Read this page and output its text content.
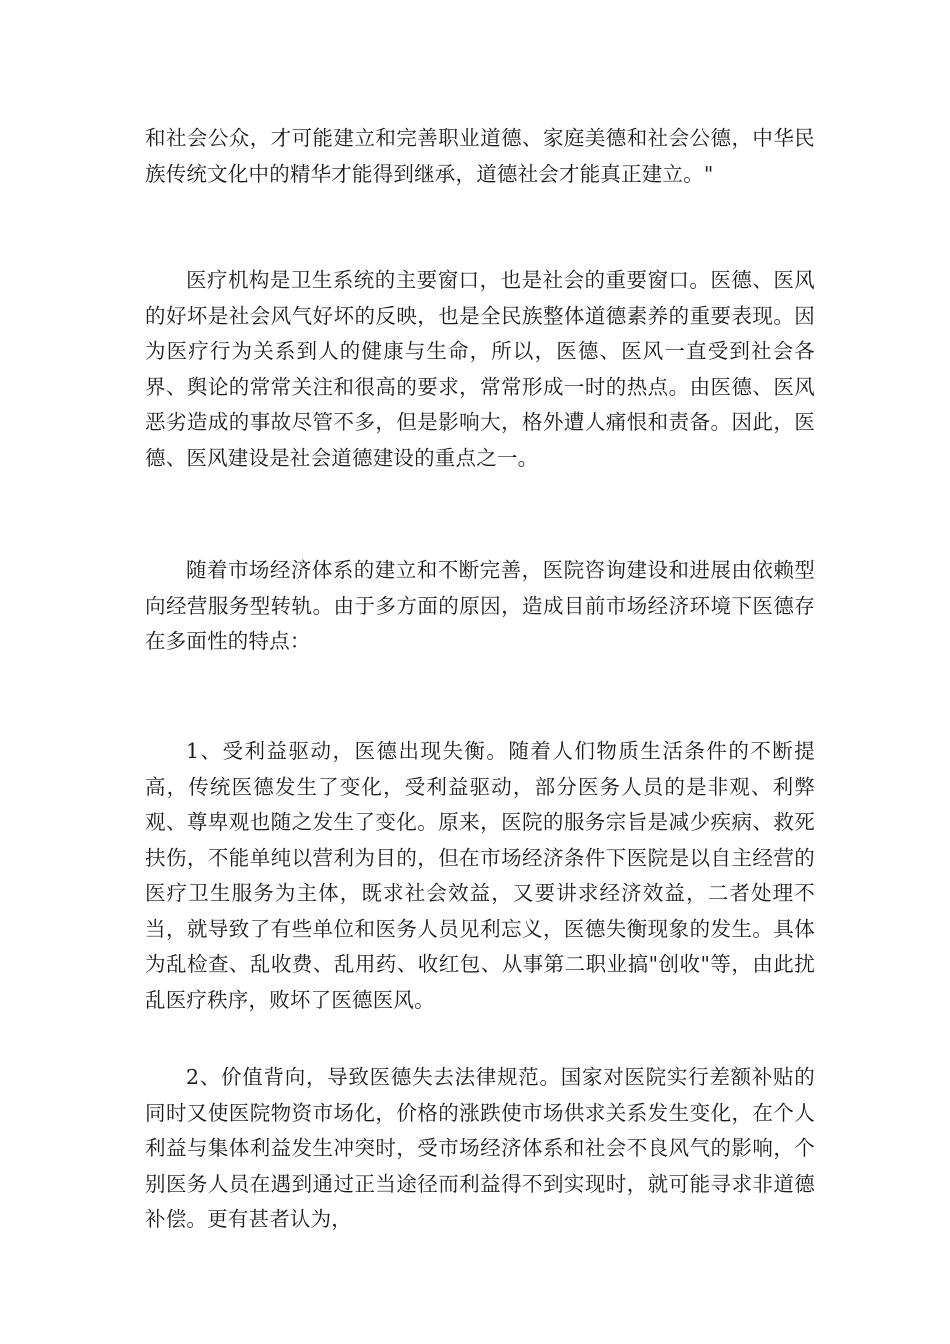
和社会公众，才可能建立和完善职业道德、家庭美德和社会公德，中华民族传统文化中的精华才能得到继承，道德社会才能真正建立。"

医疗机构是卫生系统的主要窗口，也是社会的重要窗口。医德、医风的好坏是社会风气好坏的反映，也是全民族整体道德素养的重要表现。因为医疗行为关系到人的健康与生命，所以，医德、医风一直受到社会各界、舆论的常常关注和很高的要求，常常形成一时的热点。由医德、医风恶劣造成的事故尽管不多，但是影响大，格外遭人痛恨和责备。因此，医德、医风建设是社会道德建设的重点之一。

随着市场经济体系的建立和不断完善，医院咨询建设和进展由依赖型向经营服务型转轨。由于多方面的原因，造成目前市场经济环境下医德存在多面性的特点：

1、受利益驱动，医德出现失衡。随着人们物质生活条件的不断提高，传统医德发生了变化，受利益驱动，部分医务人员的是非观、利弊观、尊卑观也随之发生了变化。原来，医院的服务宗旨是减少疾病、救死扶伤，不能单纯以营利为目的，但在市场经济条件下医院是以自主经营的医疗卫生服务为主体，既求社会效益，又要讲求经济效益，二者处理不当，就导致了有些单位和医务人员见利忘义，医德失衡现象的发生。具体为乱检查、乱收费、乱用药、收红包、从事第二职业搞"创收"等，由此扰乱医疗秩序，败坏了医德医风。

2、价值背向，导致医德失去法律规范。国家对医院实行差额补贴的同时又使医院物资市场化，价格的涨跌使市场供求关系发生变化，在个人利益与集体利益发生冲突时，受市场经济体系和社会不良风气的影响，个别医务人员在遇到通过正当途径而利益得不到实现时，就可能寻求非道德补偿。更有甚者认为，
